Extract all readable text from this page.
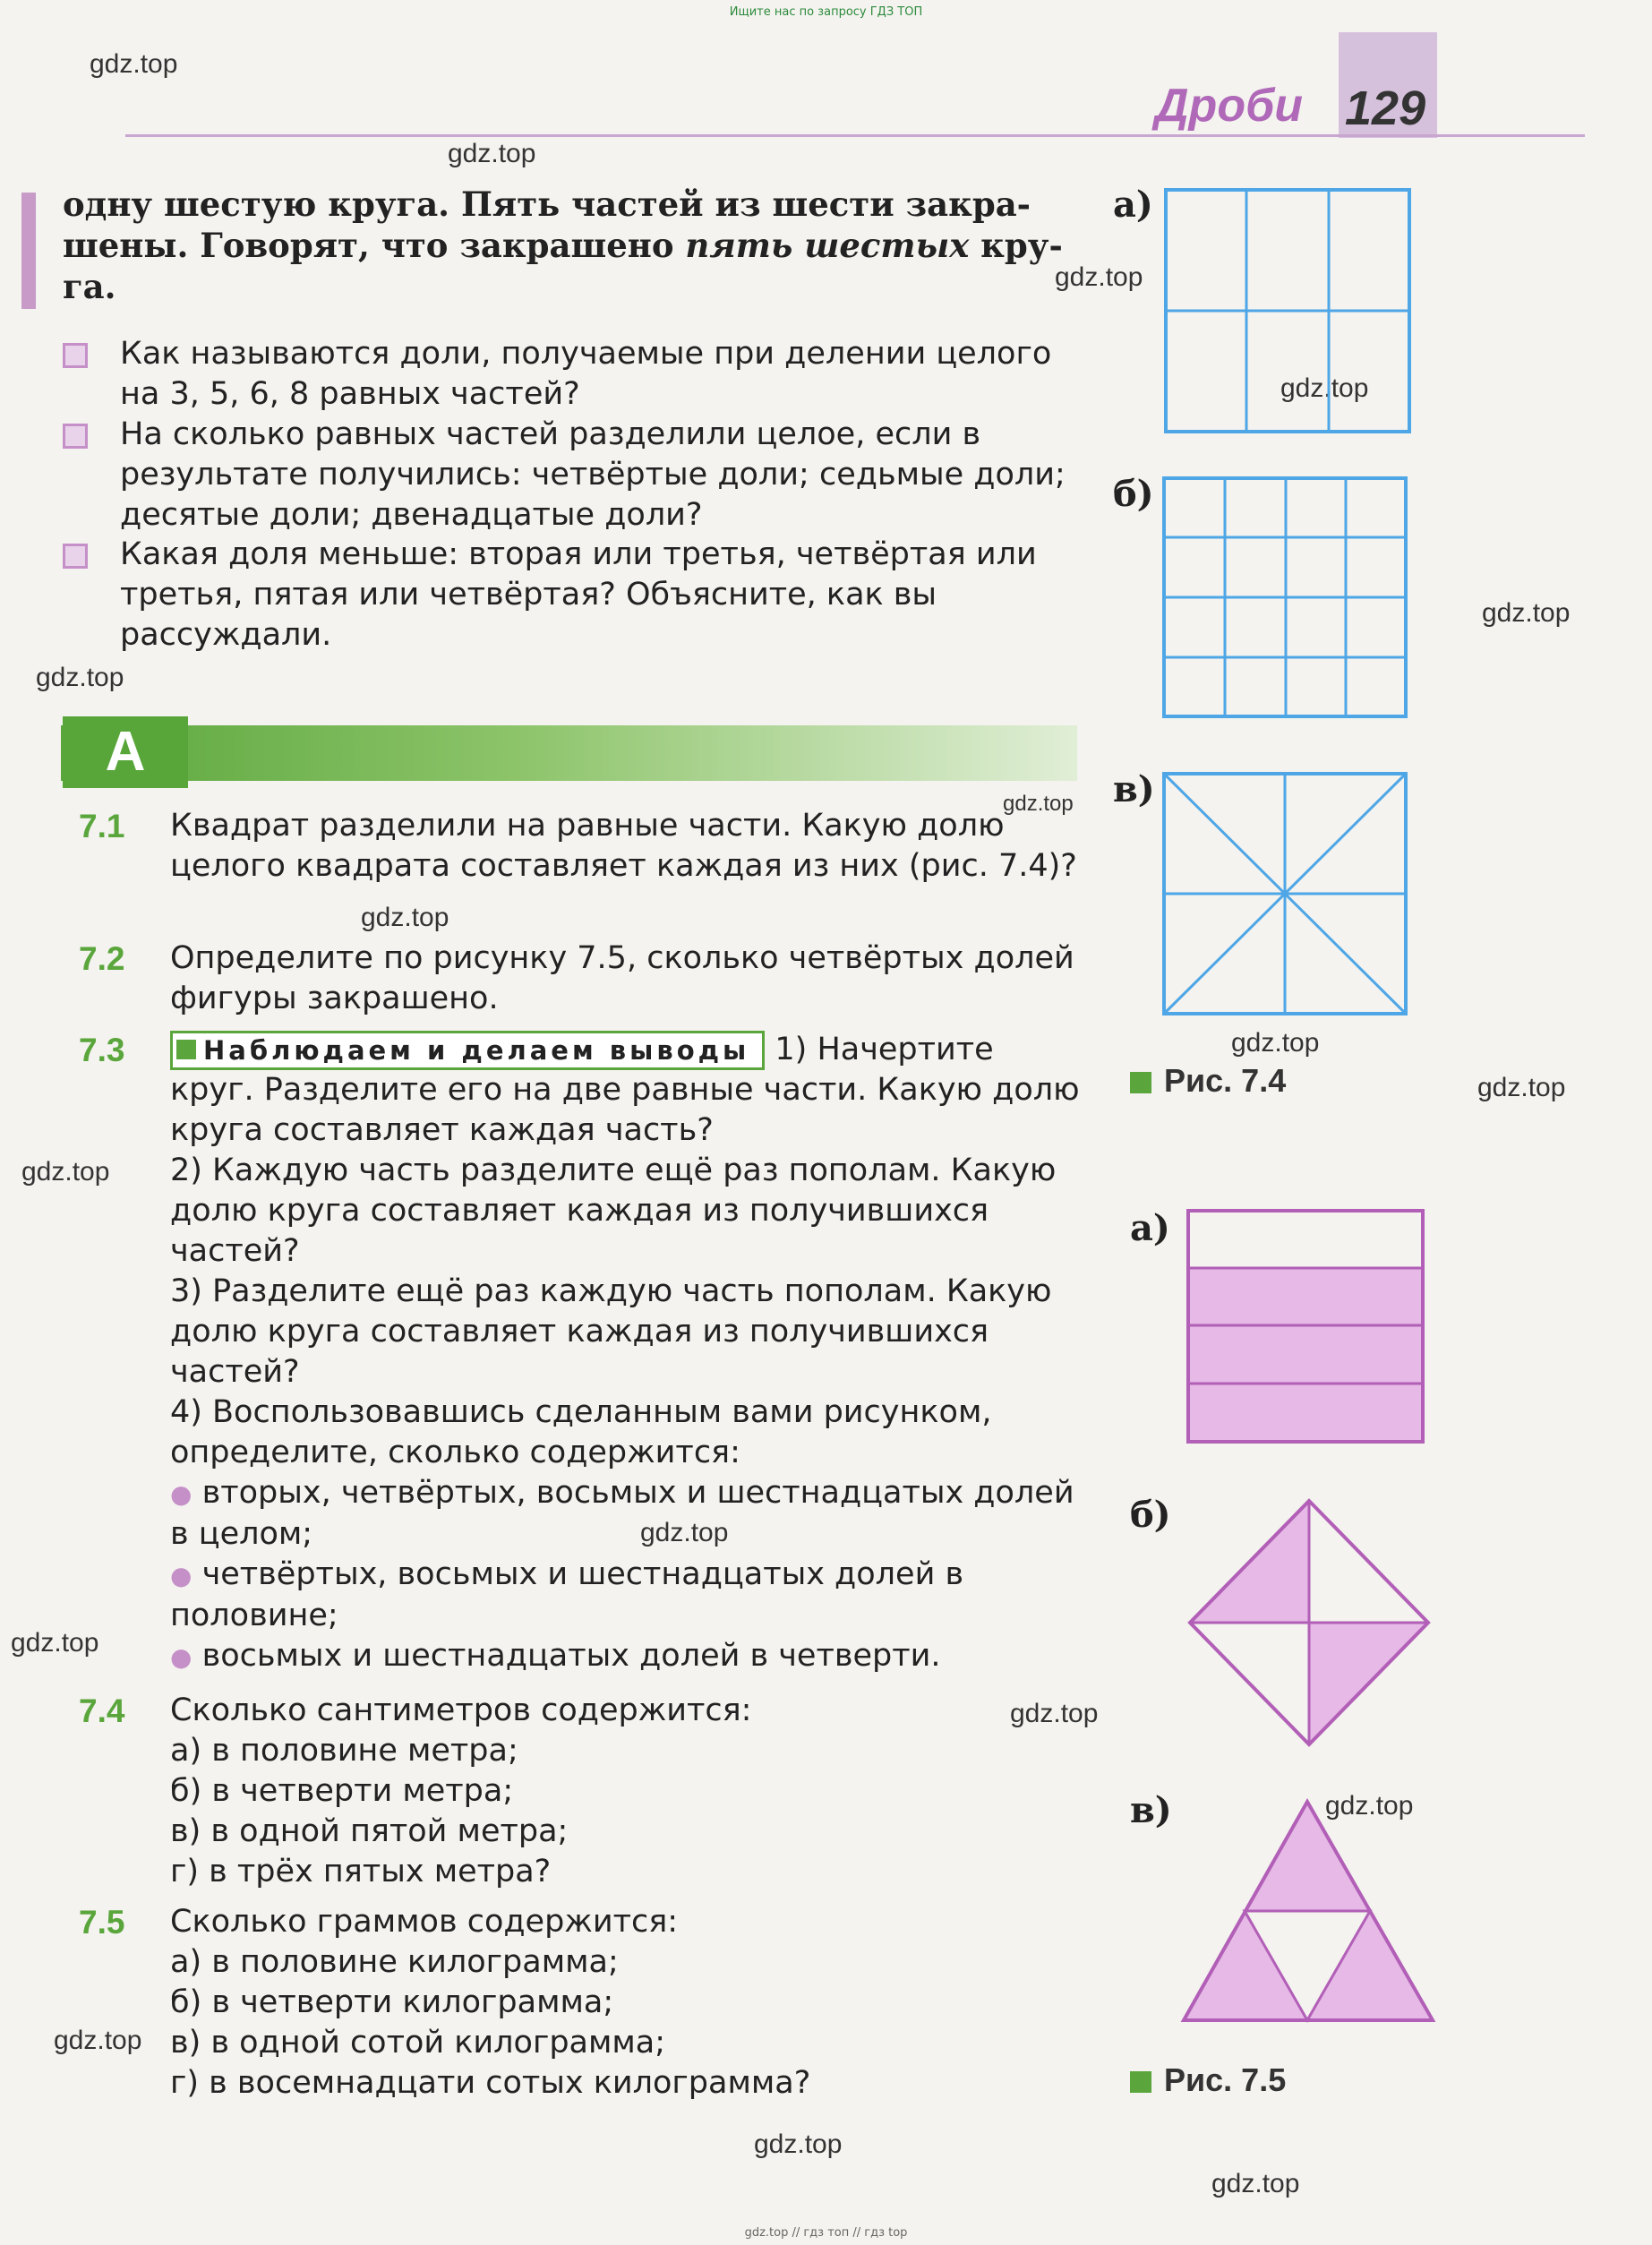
Ищите нас по запросу ГДЗ ТОП
gdz.top // гдз топ // гдз top
Дроби 129
gdz.top
gdz.top
gdz.top
gdz.top
gdz.top
gdz.top
gdz.top
gdz.top
gdz.top
gdz.top
gdz.top
gdz.top
gdz.top
gdz.top
gdz.top
gdz.top
gdz.top
gdz.top
одну шестую круга. Пять частей из шести закра-
шены. Говорят, что закрашено пять шестых кру-
га.
Как называются доли, получаемые при делении целого на 3, 5, 6, 8 равных частей?
На сколько равных частей разделили целое, если в результате получились: четвёртые доли; седьмые доли; десятые доли; двенадцатые доли?
Какая доля меньше: вторая или третья, четвёртая или третья, пятая или четвёртая? Объясните, как вы рассуждали.
А
7.1 Квадрат разделили на равные части. Какую долю целого квадрата составляет каждая из них (рис. 7.4)?
7.2 Определите по рисунку 7.5, сколько четвёртых долей фигуры закрашено.
7.3	Наблюдаем и делаем выводы 1) Начертите круг. Разделите его на две равные части. Какую долю круга составляет каждая часть?
2) Каждую часть разделите ещё раз пополам. Какую долю круга составляет каждая из получившихся частей?
3) Разделите ещё раз каждую часть пополам. Какую долю круга составляет каждая из получившихся частей?
4) Воспользовавшись сделанным вами рисунком, определите, сколько содержится:
● вторых, четвёртых, восьмых и шестнадцатых долей в целом;
● четвёртых, восьмых и шестнадцатых долей в половине;
● восьмых и шестнадцатых долей в четверти.
7.4 Сколько сантиметров содержится:
а) в половине метра;
б) в четверти метра;
в) в одной пятой метра;
г) в трёх пятых метра?
7.5 Сколько граммов содержится:
а) в половине килограмма;
б) в четверти килограмма;
в) в одной сотой килограмма;
г) в восемнадцати сотых килограмма?
а)
б)
в)
Рис. 7.4
а)
б)
в)
Рис. 7.5
